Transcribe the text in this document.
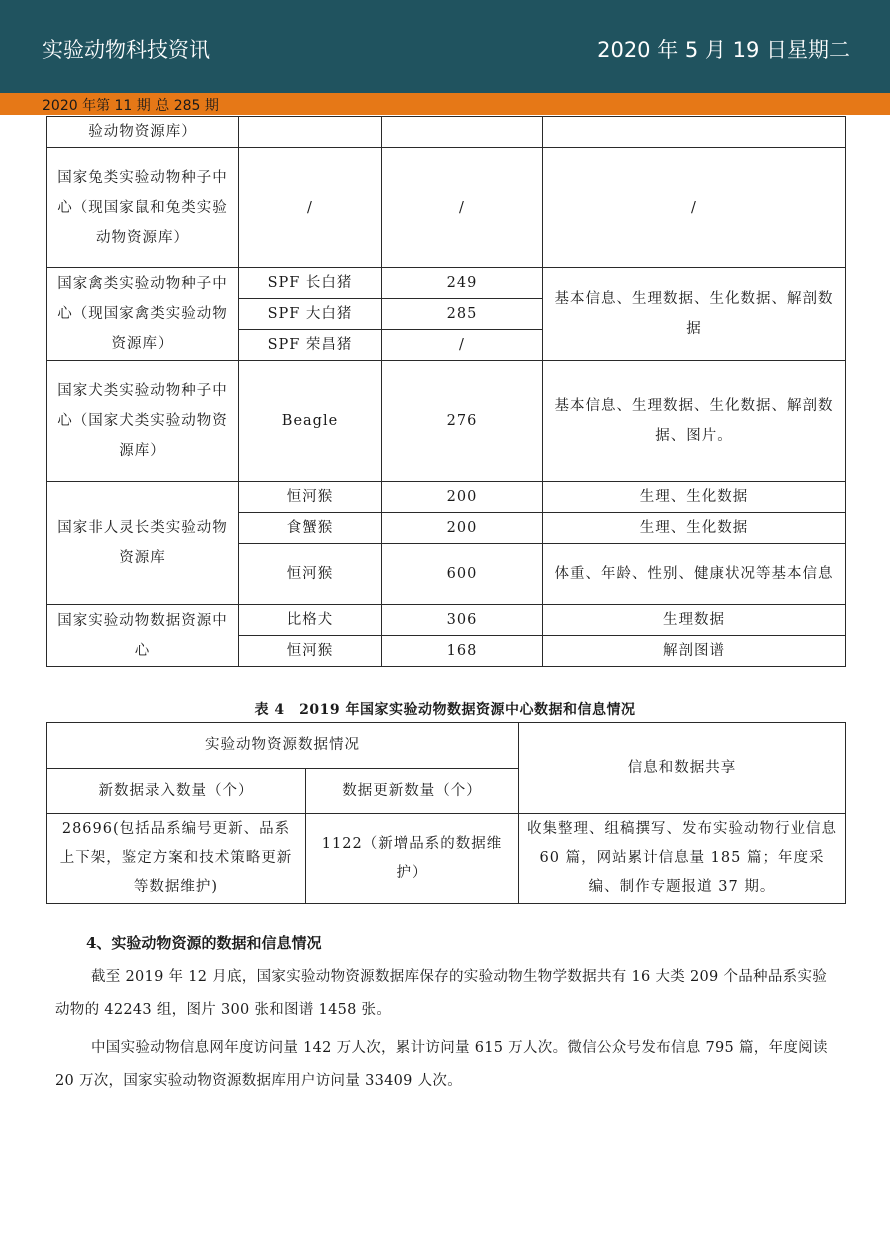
实验动物科技资讯	2020 年 5 月 19 日星期二
2020 年第 11 期 总 285 期
验动物资源库）			
国家兔类实验动物种子中心（现国家鼠和兔类实验动物资源库）	/	/	/
国家禽类实验动物种子中心（现国家禽类实验动物资源库）	SPF 长白猪	249	基本信息、生理数据、生化数据、解剖数据
	SPF 大白猪	285	
	SPF 荣昌猪	/	
国家犬类实验动物种子中心（国家犬类实验动物资源库）	Beagle	276	基本信息、生理数据、生化数据、解剖数据、图片。
国家非人灵长类实验动物资源库	恒河猴	200	生理、生化数据
	食蟹猴	200	生理、生化数据
	恒河猴	600	体重、年龄、性别、健康状况等基本信息
国家实验动物数据资源中心	比格犬	306	生理数据
	恒河猴	168	解剖图谱
表 4　2019 年国家实验动物数据资源中心数据和信息情况
实验动物资源数据情况		信息和数据共享
新数据录入数量（个）	数据更新数量（个）	
28696(包括品系编号更新、品系上下架，鉴定方案和技术策略更新等数据维护)	1122（新增品系的数据维护）	收集整理、组稿撰写、发布实验动物行业信息 60 篇，网站累计信息量 185 篇；年度采编、制作专题报道 37 期。
4、实验动物资源的数据和信息情况
截至 2019 年 12 月底，国家实验动物资源数据库保存的实验动物生物学数据共有 16 大类 209 个品种品系实验动物的 42243 组，图片 300 张和图谱 1458 张。
中国实验动物信息网年度访问量 142 万人次，累计访问量 615 万人次。微信公众号发布信息 795 篇，年度阅读 20 万次，国家实验动物资源数据库用户访问量 33409 人次。
